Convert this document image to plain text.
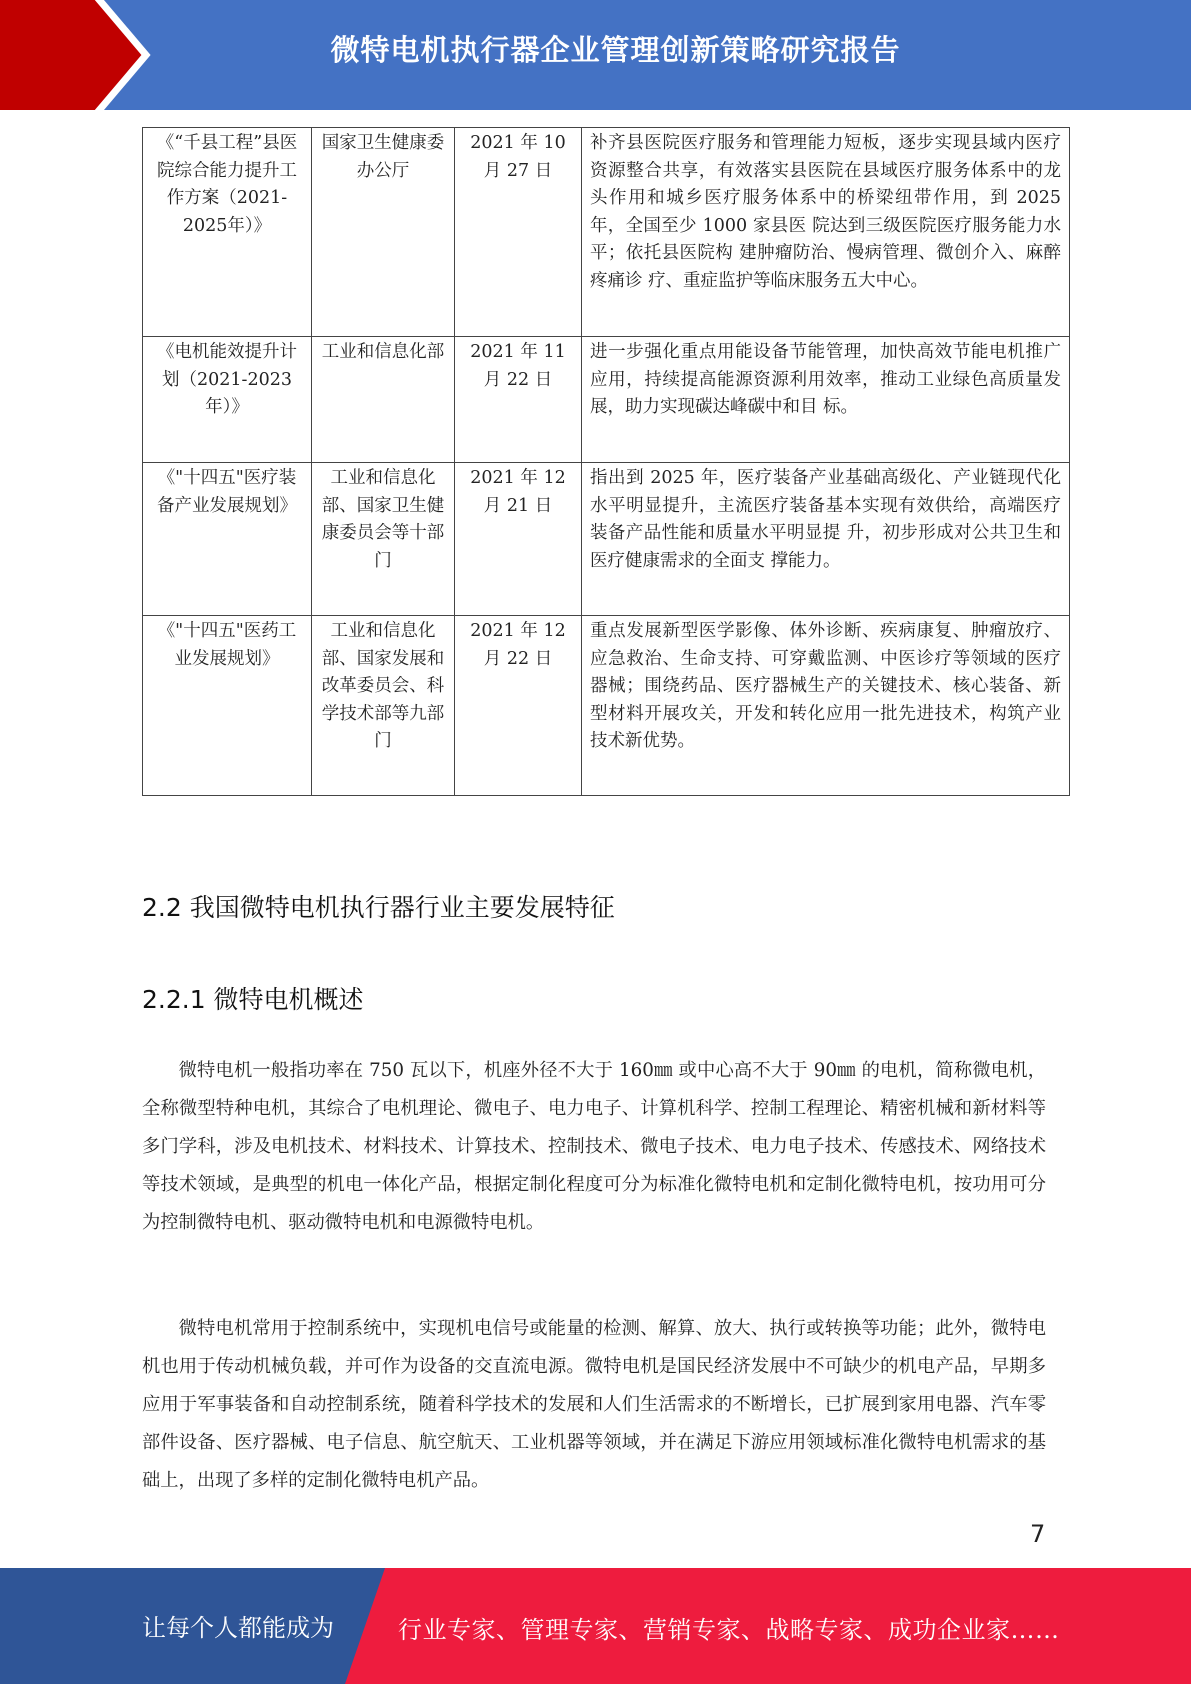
微特电机执行器企业管理创新策略研究报告
《“千县工程”县医院综合能力提升工作方案（2021-2025年）》	国家卫生健康委办公厅	2021 年 10 月 27 日	补齐县医院医疗服务和管理能力短板，逐步实现县域内医疗资源整合共享，有效落实县医院在县域医疗服务体系中的龙头作用和城乡医疗服务体系中的桥梁纽带作用，到 2025 年，全国至少 1000 家县医 院达到三级医院医疗服务能力水平；依托县医院构 建肿瘤防治、慢病管理、微创介入、麻醉疼痛诊 疗、重症监护等临床服务五大中心。
《电机能效提升计划（2021-2023年）》	工业和信息化部	2021 年 11 月 22 日	进一步强化重点用能设备节能管理，加快高效节能电机推广应用，持续提高能源资源利用效率，推动工业绿色高质量发展，助力实现碳达峰碳中和目 标。
《"十四五"医疗装备产业发展规划》	工业和信息化部、国家卫生健康委员会等十部门	2021 年 12 月 21 日	指出到 2025 年，医疗装备产业基础高级化、产业链现代化水平明显提升，主流医疗装备基本实现有效供给，高端医疗装备产品性能和质量水平明显提 升，初步形成对公共卫生和医疗健康需求的全面支 撑能力。
《"十四五"医药工业发展规划》	工业和信息化部、国家发展和改革委员会、科学技术部等九部门	2021 年 12 月 22 日	重点发展新型医学影像、体外诊断、疾病康复、肿瘤放疗、应急救治、生命支持、可穿戴监测、中医诊疗等领域的医疗器械；围绕药品、医疗器械生产的关键技术、核心装备、新型材料开展攻关，开发和转化应用一批先进技术，构筑产业技术新优势。
2.2 我国微特电机执行器行业主要发展特征
2.2.1 微特电机概述

微特电机一般指功率在 750 瓦以下，机座外径不大于 160㎜ 或中心高不大于 90㎜ 的电机，简称微电机，全称微型特种电机，其综合了电机理论、微电子、电力电子、计算机科学、控制工程理论、精密机械和新材料等多门学科，涉及电机技术、材料技术、计算技术、控制技术、微电子技术、电力电子技术、传感技术、网络技术等技术领域，是典型的机电一体化产品，根据定制化程度可分为标准化微特电机和定制化微特电机，按功用可分为控制微特电机、驱动微特电机和电源微特电机。

微特电机常用于控制系统中，实现机电信号或能量的检测、解算、放大、执行或转换等功能；此外，微特电机也用于传动机械负载，并可作为设备的交直流电源。微特电机是国民经济发展中不可缺少的机电产品，早期多应用于军事装备和自动控制系统，随着科学技术的发展和人们生活需求的不断增长，已扩展到家用电器、汽车零部件设备、医疗器械、电子信息、航空航天、工业机器等领域，并在满足下游应用领域标准化微特电机需求的基础上，出现了多样的定制化微特电机产品。

7
让每个人都能成为	行业专家、管理专家、营销专家、战略专家、成功企业家……
